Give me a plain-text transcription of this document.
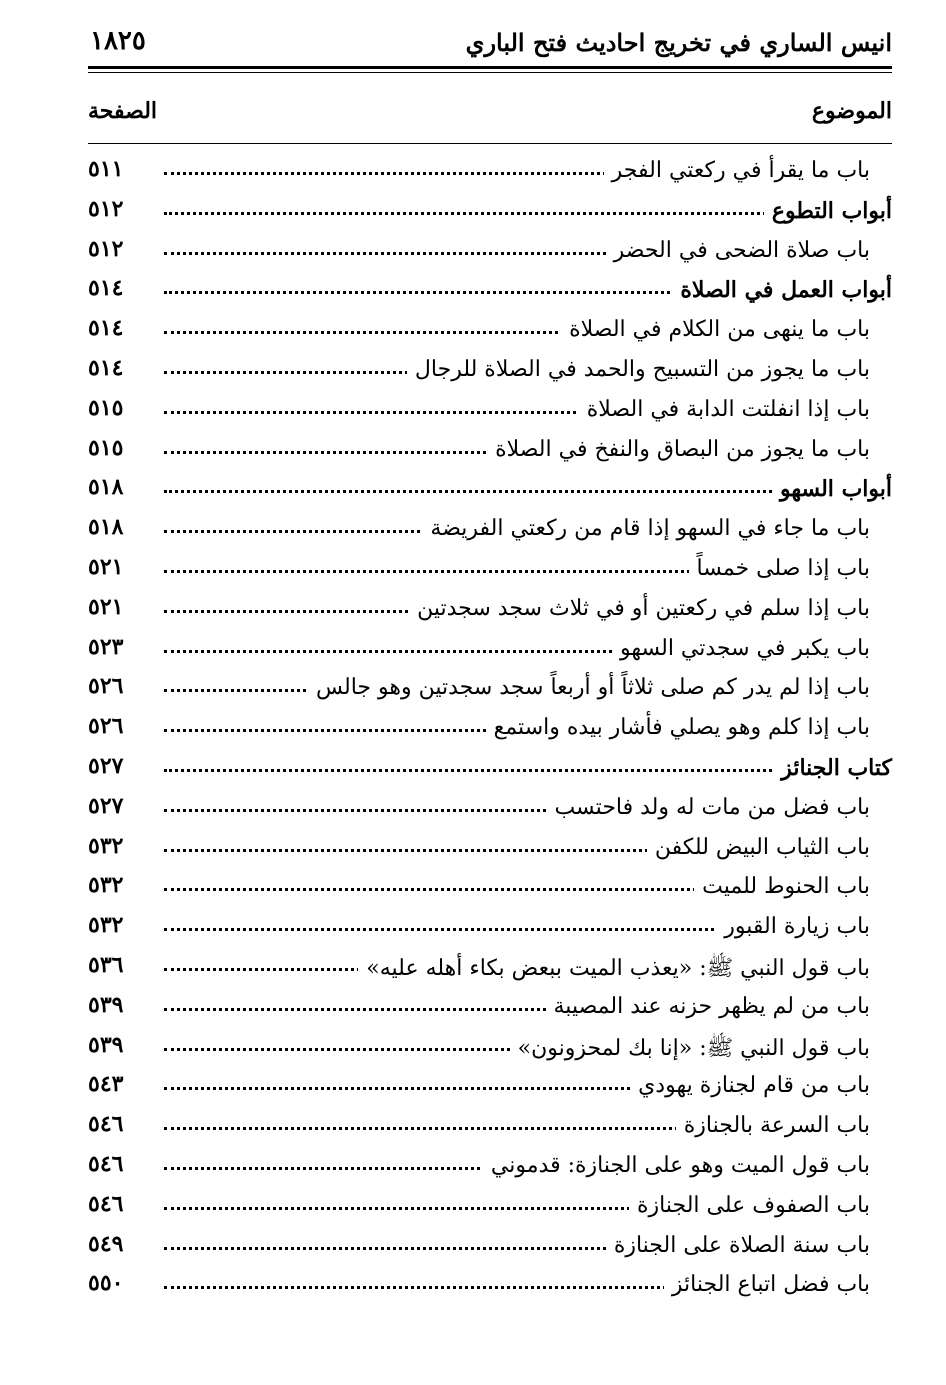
انيس الساري في تخريج احاديث فتح الباري
١٨٢٥
الموضوع
الصفحة
باب ما يقرأ في ركعتي الفجر
٥١١
أبواب التطوع
٥١٢
باب صلاة الضحى في الحضر
٥١٢
أبواب العمل في الصلاة
٥١٤
باب ما ينهى من الكلام في الصلاة
٥١٤
باب ما يجوز من التسبيح والحمد في الصلاة للرجال
٥١٤
باب إذا انفلتت الدابة في الصلاة
٥١٥
باب ما يجوز من البصاق والنفخ في الصلاة
٥١٥
أبواب السهو
٥١٨
باب ما جاء في السهو إذا قام من ركعتي الفريضة
٥١٨
باب إذا صلى خمساً
٥٢١
باب إذا سلم في ركعتين أو في ثلاث سجد سجدتين
٥٢١
باب يكبر في سجدتي السهو
٥٢٣
باب إذا لم يدر كم صلى ثلاثاً أو أربعاً سجد سجدتين وهو جالس
٥٢٦
باب إذا كلم وهو يصلي فأشار بيده واستمع
٥٢٦
كتاب الجنائز
٥٢٧
باب فضل من مات له ولد فاحتسب
٥٢٧
باب الثياب البيض للكفن
٥٣٢
باب الحنوط للميت
٥٣٢
باب زيارة القبور
٥٣٢
باب قول النبي ﷺ: «يعذب الميت ببعض بكاء أهله عليه»
٥٣٦
باب من لم يظهر حزنه عند المصيبة
٥٣٩
باب قول النبي ﷺ: «إنا بك لمحزونون»
٥٣٩
باب من قام لجنازة يهودي
٥٤٣
باب السرعة بالجنازة
٥٤٦
باب قول الميت وهو على الجنازة: قدموني
٥٤٦
باب الصفوف على الجنازة
٥٤٦
باب سنة الصلاة على الجنازة
٥٤٩
باب فضل اتباع الجنائز
٥٥٠
